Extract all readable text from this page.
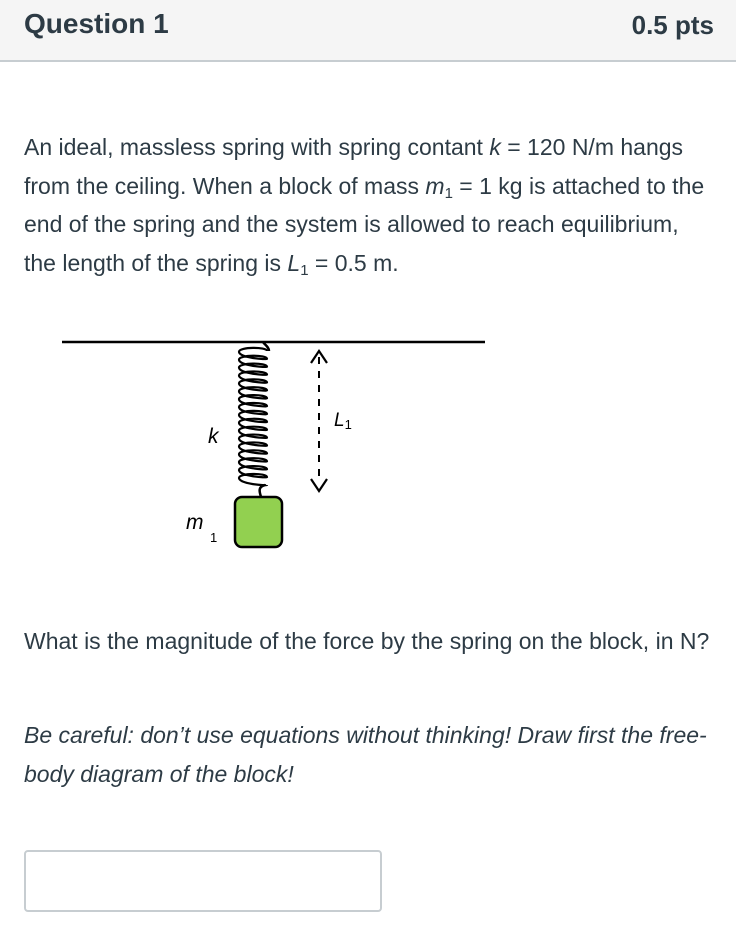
Question 1	0.5 pts
An ideal, massless spring with spring contant k = 120 N/m hangs from the ceiling. When a block of mass $m_1 = 1$ kg is attached to the end of the spring and the system is allowed to reach equilibrium, the length of the spring is $L_1 = 0.5$ m.
L1
k
m
1
What is the magnitude of the force by the spring on the block, in N?
Be careful: don’t use equations without thinking! Draw first the free-body diagram of the block!
